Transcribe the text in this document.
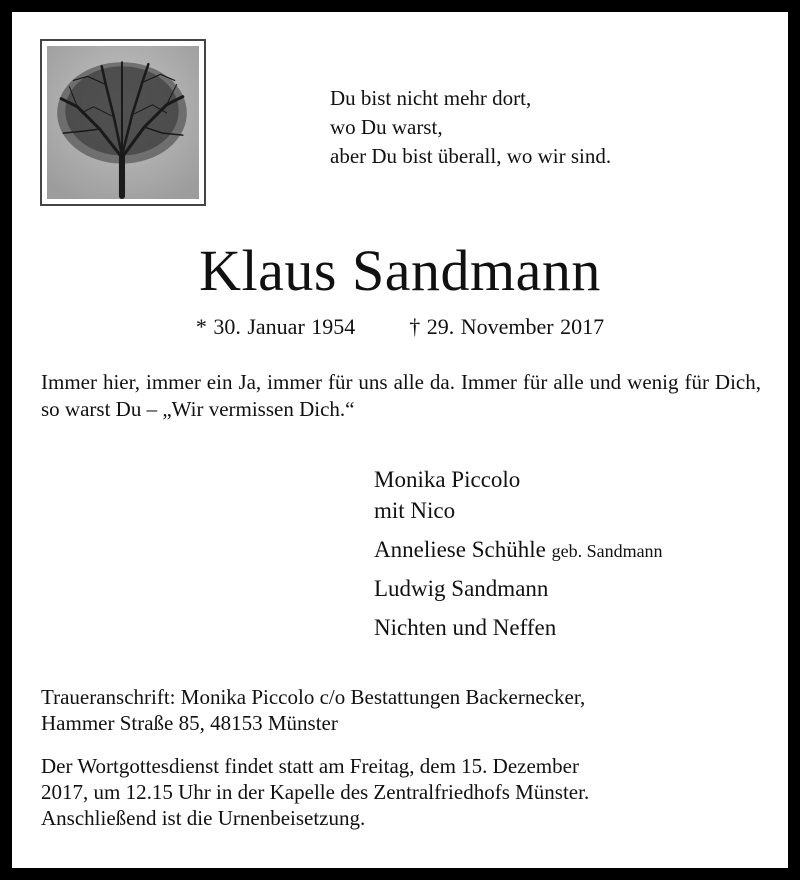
Du bist nicht mehr dort,
wo Du warst,
aber Du bist überall, wo wir sind.
Klaus Sandmann
* 30. Januar 1954 † 29. November 2017
Immer hier, immer ein Ja, immer für uns alle da. Immer für alle und wenig für Dich, so warst Du – „Wir vermissen Dich.“
Monika Piccolo
mit Nico
Anneliese Schühle geb. Sandmann
Ludwig Sandmann
Nichten und Neffen
Traueranschrift: Monika Piccolo c/o Bestattungen Backernecker,
Hammer Straße 85, 48153 Münster
Der Wortgottesdienst findet statt am Freitag, dem 15. Dezember
2017, um 12.15 Uhr in der Kapelle des Zentralfriedhofs Münster.
Anschließend ist die Urnenbeisetzung.
